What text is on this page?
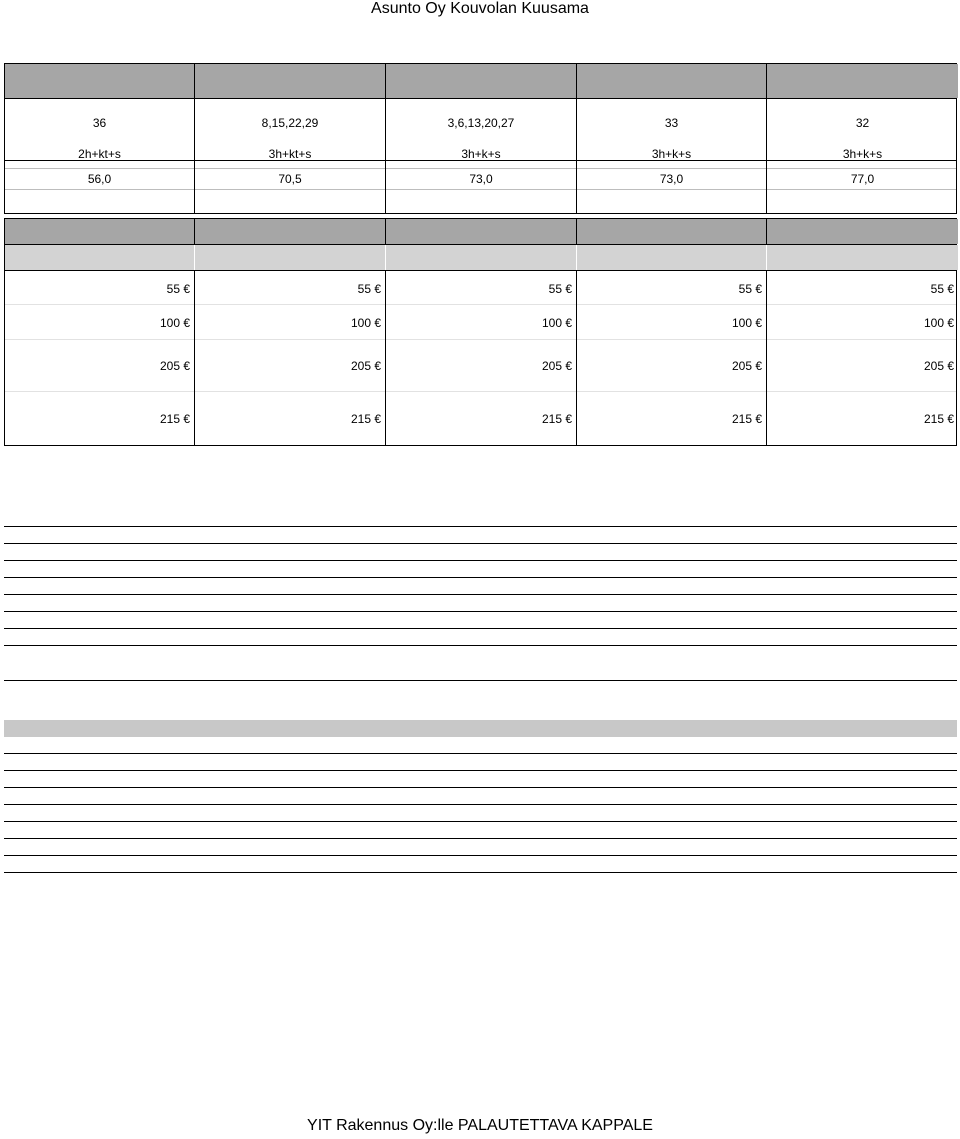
Asunto Oy Kouvolan Kuusama
36
2h+kt+s
56,0
8,15,22,29
3h+kt+s
70,5
3,6,13,20,27
3h+k+s
73,0
33
3h+k+s
73,0
32
3h+k+s
77,0
55 €
100 €
205 €
215 €
55 €
100 €
205 €
215 €
55 €
100 €
205 €
215 €
55 €
100 €
205 €
215 €
55 €
100 €
205 €
215 €
YIT Rakennus Oy:lle PALAUTETTAVA KAPPALE
